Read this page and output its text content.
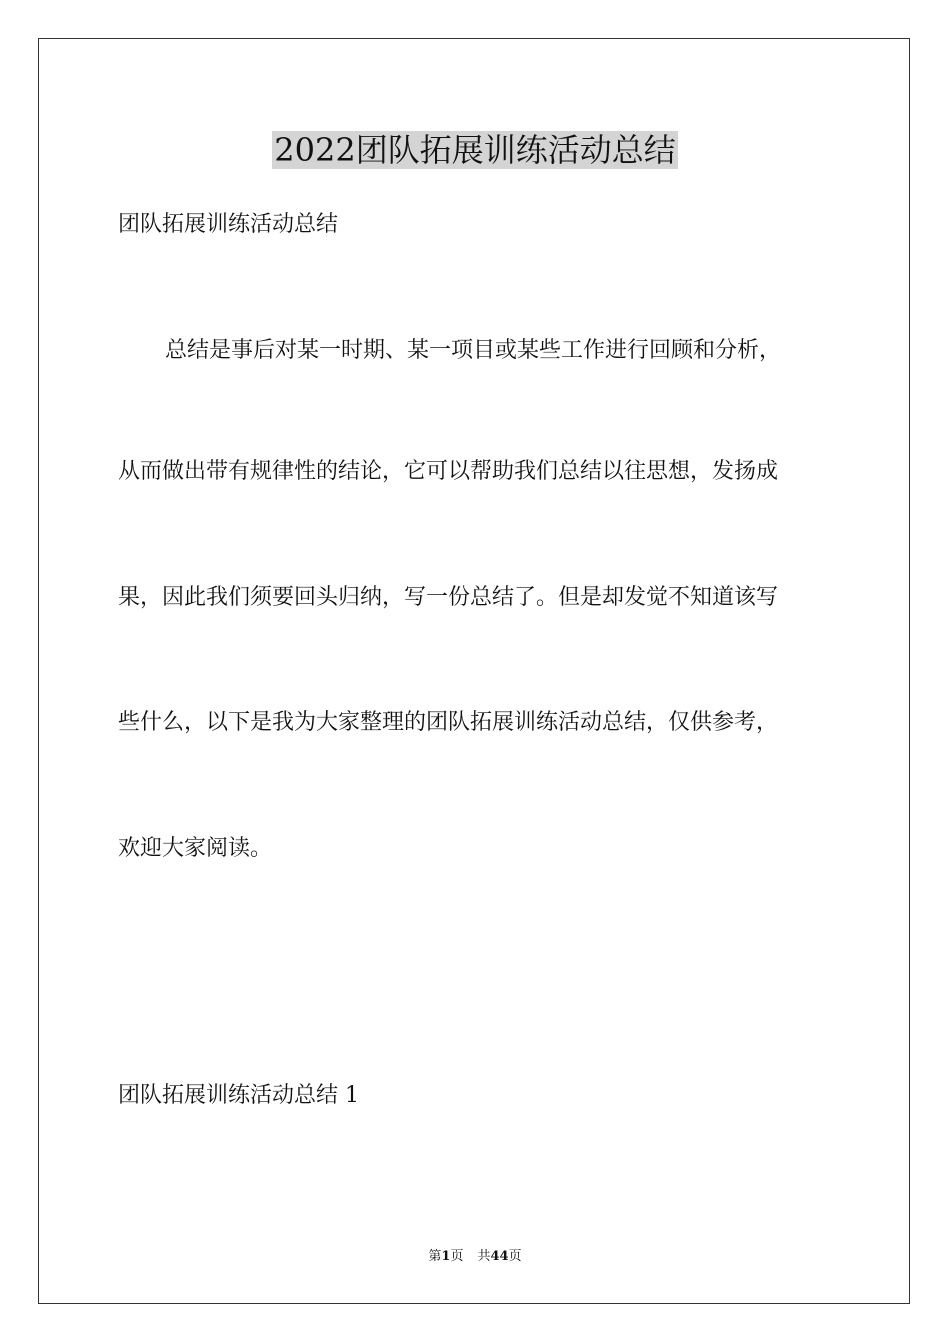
2022团队拓展训练活动总结

团队拓展训练活动总结

总结是事后对某一时期、某一项目或某些工作进行回顾和分析，

从而做出带有规律性的结论，它可以帮助我们总结以往思想，发扬成

果，因此我们须要回头归纳，写一份总结了。但是却发觉不知道该写

些什么，以下是我为大家整理的团队拓展训练活动总结，仅供参考，

欢迎大家阅读。

团队拓展训练活动总结 1

第1页 共44页
